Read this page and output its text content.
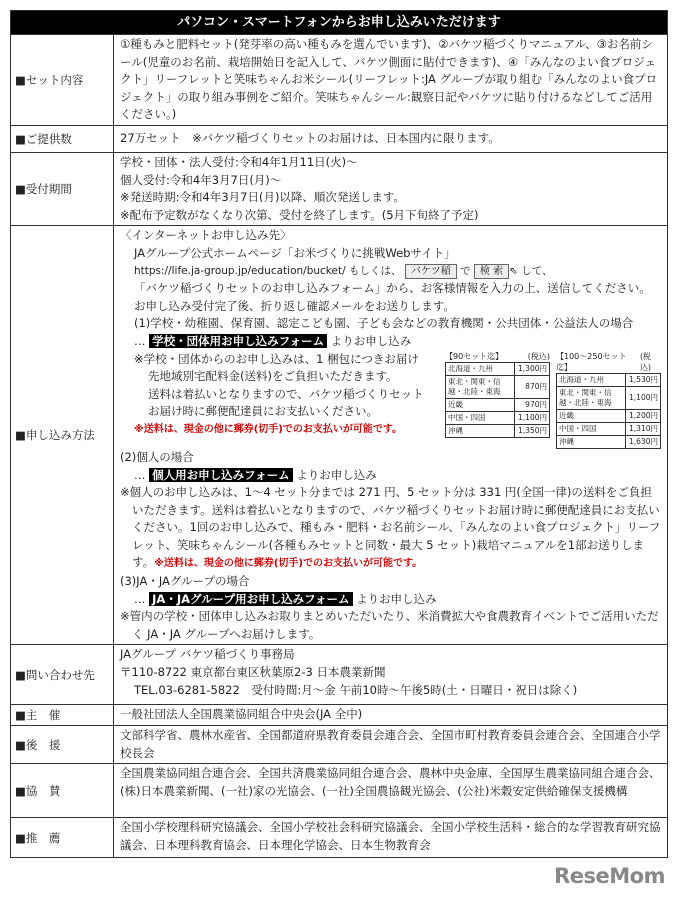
パソコン・スマートフォンからお申し込みいただけます
■セット内容
①種もみと肥料セット(発芽率の高い種もみを選んでいます)、②バケツ稲づくりマニュアル、③お名前シール(児童のお名前、栽培開始日を記入して、バケツ側面に貼付できます)、④「みんなのよい食プロジェクト」リーフレットと笑味ちゃんお米シール(リーフレット:JA グループが取り組む「みんなのよい食プロジェクト」の取り組み事例をご紹介。笑味ちゃんシール:観察日記やバケツに貼り付けるなどしてご活用ください。)
■ご提供数	27万セット　※バケツ稲づくりセットのお届けは、日本国内に限ります。
■受付期間
学校・団体・法人受付:令和4年1月11日(火)～
個人受付:令和4年3月7日(月)～
※発送時期:令和4年3月7日(月)以降、順次発送します。
※配布予定数がなくなり次第、受付を終了します。(5月下旬終了予定)
■申し込み方法
〈インターネットお申し込み先〉
JAグループ公式ホームページ「お米づくりに挑戦Webサイト」
https://life.ja-group.jp/education/bucket/ もしくは、 バケツ稲 で 検 索 ⇖ して、
「バケツ稲づくりセットのお申し込みフォーム」から、お客様情報を入力の上、送信してください。
お申し込み受付完了後、折り返し確認メールをお送りします。
(1)学校・幼稚園、保育園、認定こども園、子ども会などの教育機関・公共団体・公益法人の場合
… 学校・団体用お申し込みフォーム よりお申し込み
※学校・団体からのお申し込みは、1 梱包につきお届け
先地域別宅配料金(送料)をご負担いただきます。
送料は着払いとなりますので、バケツ稲づくりセット
お届け時に郵便配達員にお支払いください。
※送料は、現金の他に郵券(切手)でのお支払いが可能です。
【90セット迄】	(税込)
北海道・九州	1,300円
東北・関東・信越・北陸・東海	870円
近畿	970円
中国・四国	1,100円
沖縄	1,350円
【100～250セット迄】
(税込)
北海道・九州	1,530円
東北・関東・信越・北陸・東海	1,100円
近畿	1,200円
中国・四国	1,310円
沖縄	1,630円
(2)個人の場合
… 個人用お申し込みフォーム よりお申し込み
※個人のお申し込みは、1～4 セット分までは 271 円、5 セット分は 331 円(全国一律)の送料をご負担いただきます。送料は着払いとなりますので、バケツ稲づくりセットお届け時に郵便配達員にお支払いください。1回のお申し込みで、種もみ・肥料・お名前シール、「みんなのよい食プロジェクト」リーフレット、笑味ちゃんシール(各種もみセットと同数・最大 5 セット)栽培マニュアルを1部お送りします。※送料は、現金の他に郵券(切手)でのお支払いが可能です。
(3)JA・JAグループの場合
… JA・JAグループ用お申し込みフォーム よりお申し込み
※管内の学校・団体申し込みお取りまとめいただいたり、米消費拡大や食農教育イベントでご活用いただく JA・JA グループへお届けします。
■問い合わせ先
JAグループ バケツ稲づくり事務局
〒110-8722 東京都台東区秋葉原2-3 日本農業新聞
TEL.03-6281-5822　 受付時間:月～金 午前10時～午後5時(土・日曜日・祝日は除く)
■主　催	一般社団法人全国農業協同組合中央会(JA 全中)
■後　援
文部科学省、農林水産省、全国都道府県教育委員会連合会、全国市町村教育委員会連合会、全国連合小学校長会
■協　賛
全国農業協同組合連合会、全国共済農業協同組合連合会、農林中央金庫、全国厚生農業協同組合連合会、(株)日本農業新聞、(一社)家の光協会、(一社)全国農協観光協会、(公社)米穀安定供給確保支援機構
■推　薦
全国小学校理科研究協議会、全国小学校社会科研究協議会、全国小学校生活科・総合的な学習教育研究協議会、日本理科教育協会、日本理化学協会、日本生物教育会
ReseMom
